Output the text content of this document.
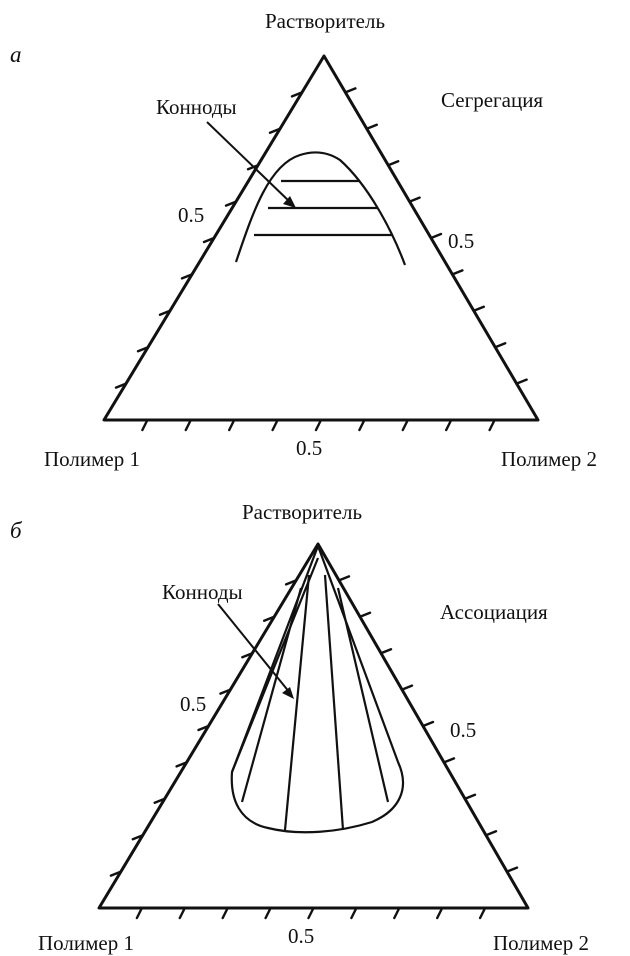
а
Растворитель
Полимер 1	Полимер 2
Сегрегация
Конноды
0.5
0.5
0.5
б
Растворитель
Полимер 1	Полимер 2
Ассоциация
Конноды
0.5
0.5
0.5
